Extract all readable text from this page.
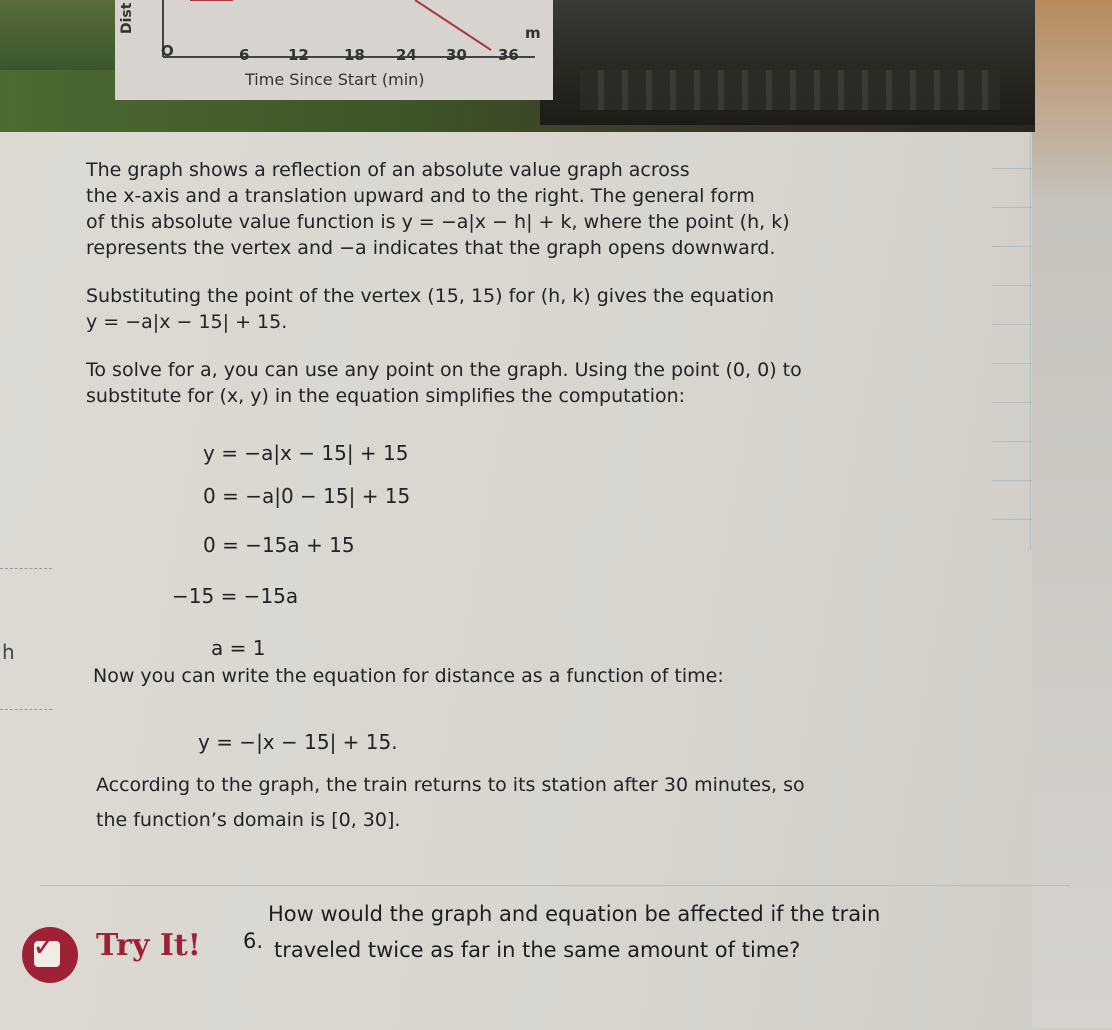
Dist	m
O	6	12 18 24 30 36
Time Since Start (min)
The graph shows a reflection of an absolute value graph across
the x-axis and a translation upward and to the right. The general form
of this absolute value function is y = −a|x − h| + k, where the point (h, k)
represents the vertex and −a indicates that the graph opens downward.
Substituting the point of the vertex (15, 15) for (h, k) gives the equation
y = −a|x − 15| + 15.
To solve for a, you can use any point on the graph. Using the point (0, 0) to
substitute for (x, y) in the equation simplifies the computation:
y = −a|x − 15| + 15
0 = −a|0 − 15| + 15
0 = −15a + 15
−15 = −15a
a = 1
h
Now you can write the equation for distance as a function of time:
y = −|x − 15| + 15.
According to the graph, the train returns to its station after 30 minutes, so
the function’s domain is [0, 30].
✓ Try It! 6.
How would the graph and equation be affected if the train
traveled twice as far in the same amount of time?
